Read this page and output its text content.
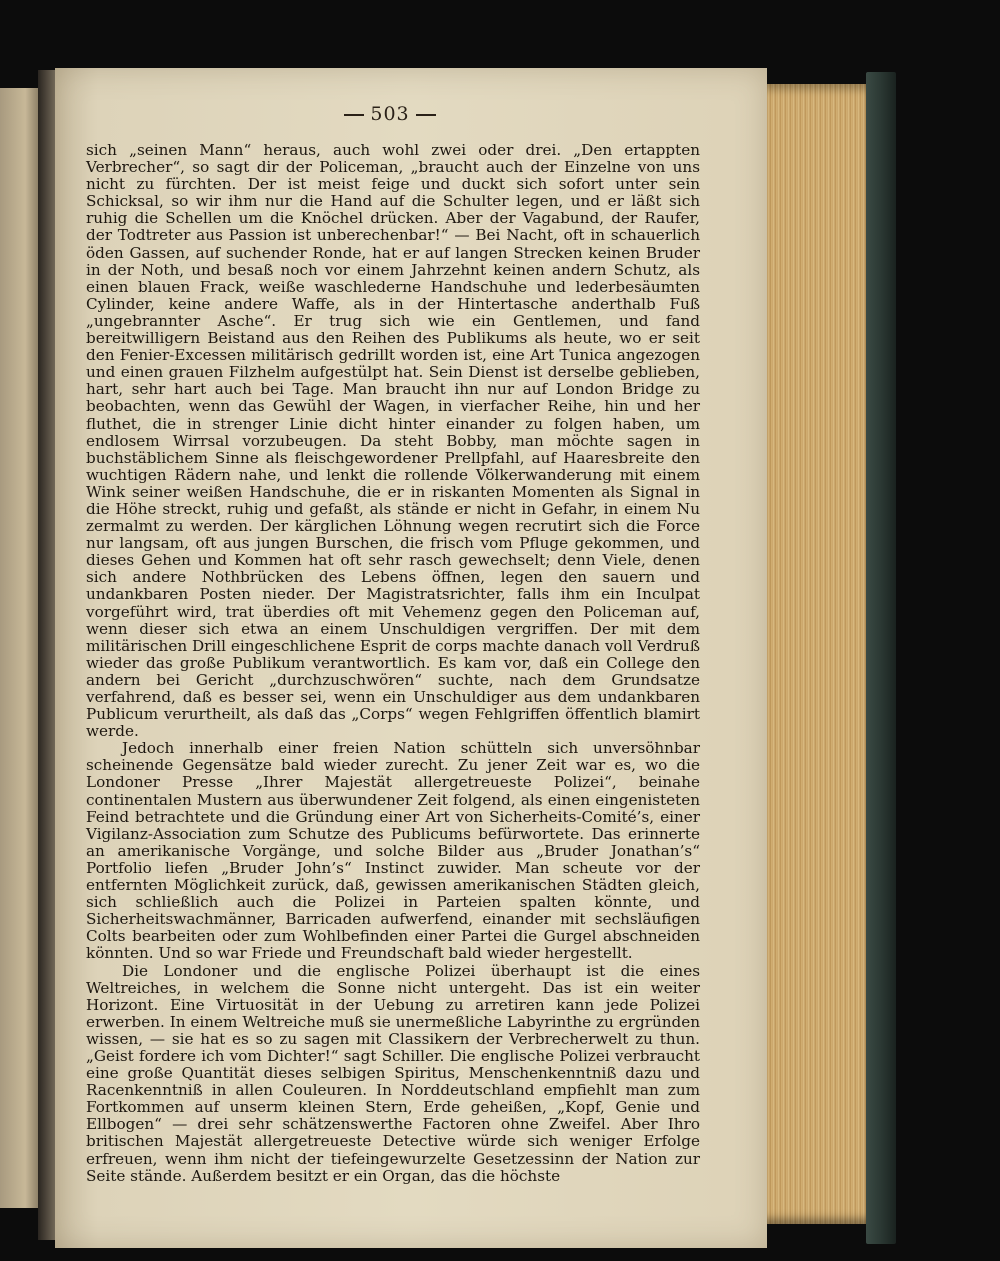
503

sich „seinen Mann“ heraus, auch wohl zwei oder drei. „Den ertappten Verbrecher“, so sagt dir der Policeman, „braucht auch der Einzelne von uns nicht zu fürchten. Der ist meist feige und duckt sich sofort unter sein Schicksal, so wir ihm nur die Hand auf die Schulter legen, und er läßt sich ruhig die Schellen um die Knöchel drücken. Aber der Vagabund, der Raufer, der Todtreter aus Passion ist unberechenbar!“ — Bei Nacht, oft in schauerlich öden Gassen, auf suchender Ronde, hat er auf langen Strecken keinen Bruder in der Noth, und besaß noch vor einem Jahrzehnt keinen andern Schutz, als einen blauen Frack, weiße waschlederne Handschuhe und lederbesäumten Cylinder, keine andere Waffe, als in der Hintertasche anderthalb Fuß „ungebrannter Asche“. Er trug sich wie ein Gentlemen, und fand bereitwilligern Beistand aus den Reihen des Publikums als heute, wo er seit den Fenier-Excessen militärisch gedrillt worden ist, eine Art Tunica angezogen und einen grauen Filzhelm aufgestülpt hat. Sein Dienst ist derselbe geblieben, hart, sehr hart auch bei Tage. Man braucht ihn nur auf London Bridge zu beobachten, wenn das Gewühl der Wagen, in vierfacher Reihe, hin und her fluthet, die in strenger Linie dicht hinter einander zu folgen haben, um endlosem Wirrsal vorzubeugen. Da steht Bobby, man möchte sagen in buchstäblichem Sinne als fleischgewordener Prellpfahl, auf Haaresbreite den wuchtigen Rädern nahe, und lenkt die rollende Völkerwanderung mit einem Wink seiner weißen Handschuhe, die er in riskanten Momenten als Signal in die Höhe streckt, ruhig und gefaßt, als stände er nicht in Gefahr, in einem Nu zermalmt zu werden. Der kärglichen Löhnung wegen recrutirt sich die Force nur langsam, oft aus jungen Burschen, die frisch vom Pfluge gekommen, und dieses Gehen und Kommen hat oft sehr rasch gewechselt; denn Viele, denen sich andere Nothbrücken des Lebens öffnen, legen den sauern und undankbaren Posten nieder. Der Magistratsrichter, falls ihm ein Inculpat vorgeführt wird, trat überdies oft mit Vehemenz gegen den Policeman auf, wenn dieser sich etwa an einem Unschuldigen vergriffen. Der mit dem militärischen Drill eingeschlichene Esprit de corps machte danach voll Verdruß wieder das große Publikum verantwortlich. Es kam vor, daß ein College den andern bei Gericht „durchzuschwören“ suchte, nach dem Grundsatze verfahrend, daß es besser sei, wenn ein Unschuldiger aus dem undankbaren Publicum verurtheilt, als daß das „Corps“ wegen Fehlgriffen öffentlich blamirt werde.

Jedoch innerhalb einer freien Nation schütteln sich unversöhnbar scheinende Gegensätze bald wieder zurecht. Zu jener Zeit war es, wo die Londoner Presse „Ihrer Majestät allergetreueste Polizei“, beinahe continentalen Mustern aus überwundener Zeit folgend, als einen eingenisteten Feind betrachtete und die Gründung einer Art von Sicherheits-Comité’s, einer Vigilanz-Association zum Schutze des Publicums befürwortete. Das erinnerte an amerikanische Vorgänge, und solche Bilder aus „Bruder Jonathan’s“ Portfolio liefen „Bruder John’s“ Instinct zuwider. Man scheute vor der entfernten Möglichkeit zurück, daß, gewissen amerikanischen Städten gleich, sich schließlich auch die Polizei in Parteien spalten könnte, und Sicherheitswachmänner, Barricaden aufwerfend, einander mit sechsläufigen Colts bearbeiten oder zum Wohlbefinden einer Partei die Gurgel abschneiden könnten. Und so war Friede und Freundschaft bald wieder hergestellt.

Die Londoner und die englische Polizei überhaupt ist die eines Weltreiches, in welchem die Sonne nicht untergeht. Das ist ein weiter Horizont. Eine Virtuosität in der Uebung zu arretiren kann jede Polizei erwerben. In einem Weltreiche muß sie unermeßliche Labyrinthe zu ergründen wissen, — sie hat es so zu sagen mit Classikern der Verbrecherwelt zu thun. „Geist fordere ich vom Dichter!“ sagt Schiller. Die englische Polizei verbraucht eine große Quantität dieses selbigen Spiritus, Menschenkenntniß dazu und Racenkenntniß in allen Couleuren. In Norddeutschland empfiehlt man zum Fortkommen auf unserm kleinen Stern, Erde geheißen, „Kopf, Genie und Ellbogen“ — drei sehr schätzenswerthe Factoren ohne Zweifel. Aber Ihro britischen Majestät allergetreueste Detective würde sich weniger Erfolge erfreuen, wenn ihm nicht der tiefeingewurzelte Gesetzessinn der Nation zur Seite stände. Außerdem besitzt er ein Organ, das die höchste
